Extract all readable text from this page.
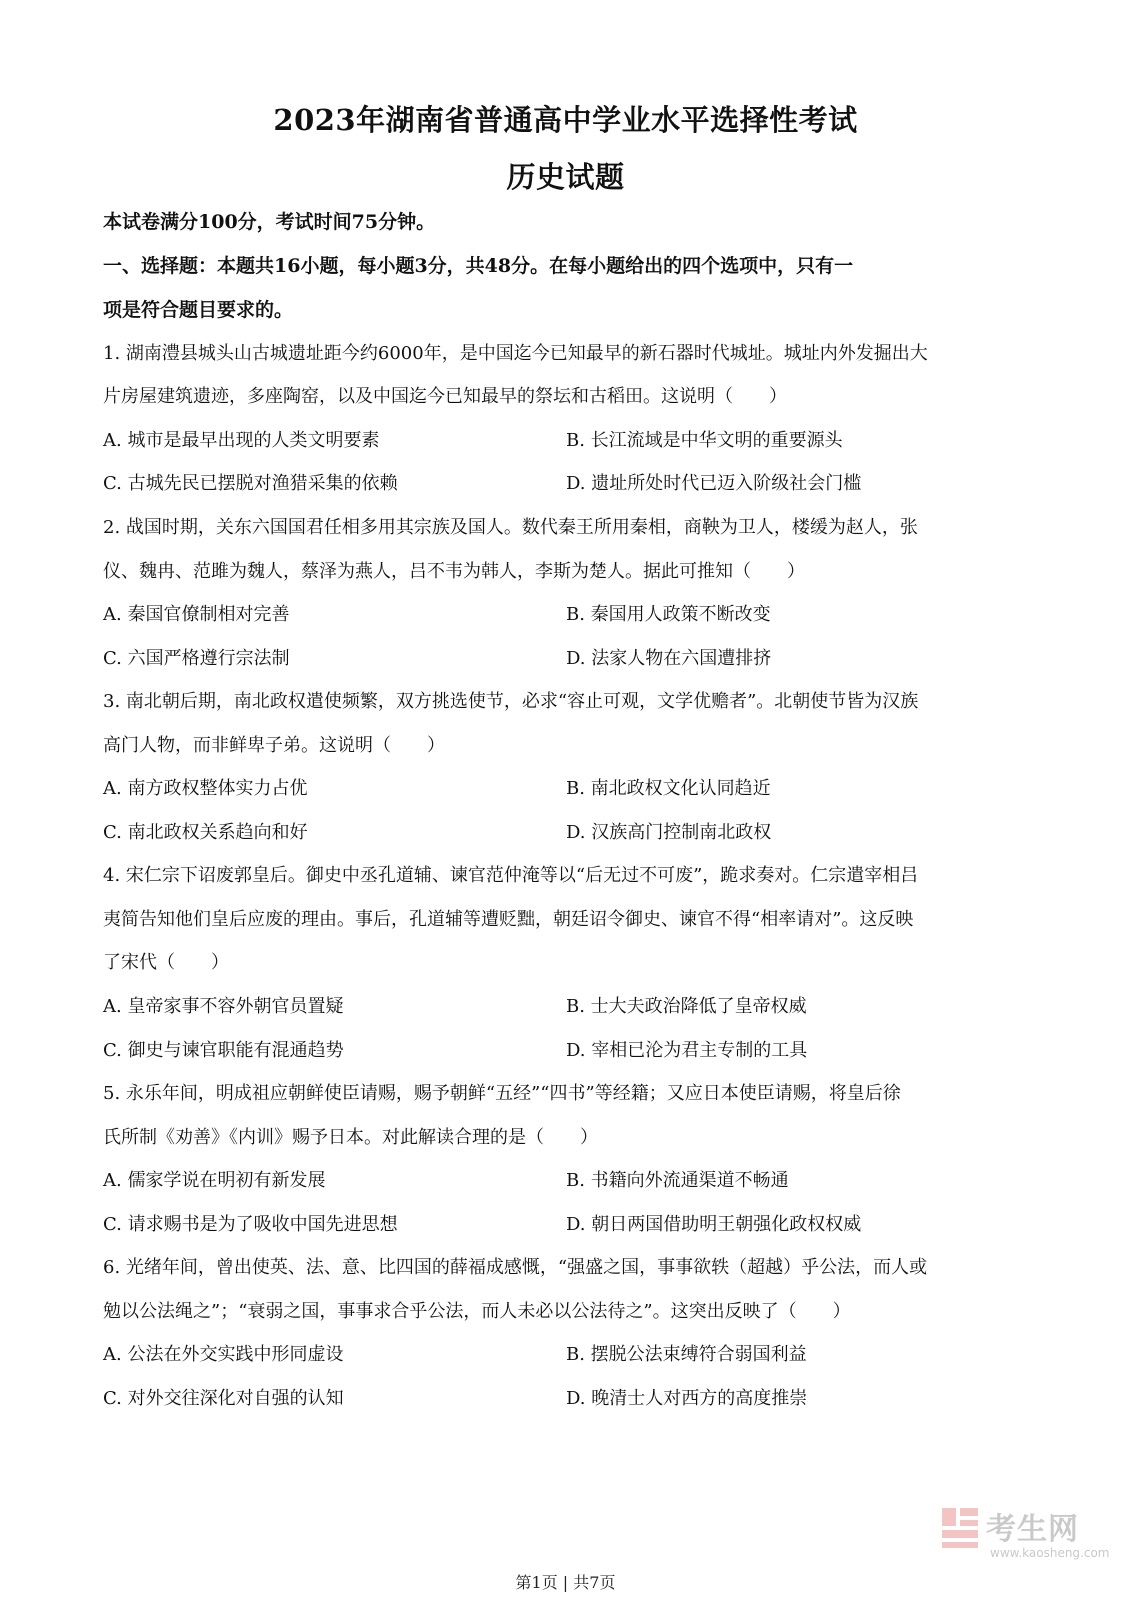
2023年湖南省普通高中学业水平选择性考试
历史试题
本试卷满分100分，考试时间75分钟。
一、选择题：本题共16小题，每小题3分，共48分。在每小题给出的四个选项中，只有一
项是符合题目要求的。
1. 湖南澧县城头山古城遗址距今约6000年，是中国迄今已知最早的新石器时代城址。城址内外发掘出大
片房屋建筑遗迹，多座陶窑，以及中国迄今已知最早的祭坛和古稻田。这说明（　　）
A. 城市是最早出现的人类文明要素	B. 长江流域是中华文明的重要源头
C. 古城先民已摆脱对渔猎采集的依赖	D. 遗址所处时代已迈入阶级社会门槛
2. 战国时期，关东六国国君任相多用其宗族及国人。数代秦王所用秦相，商鞅为卫人，楼缓为赵人，张
仪、魏冉、范雎为魏人，蔡泽为燕人，吕不韦为韩人，李斯为楚人。据此可推知（　　）
A. 秦国官僚制相对完善	B. 秦国用人政策不断改变
C. 六国严格遵行宗法制	D. 法家人物在六国遭排挤
3. 南北朝后期，南北政权遣使频繁，双方挑选使节，必求“容止可观，文学优赡者”。北朝使节皆为汉族
高门人物，而非鲜卑子弟。这说明（　　）
A. 南方政权整体实力占优	B. 南北政权文化认同趋近
C. 南北政权关系趋向和好	D. 汉族高门控制南北政权
4. 宋仁宗下诏废郭皇后。御史中丞孔道辅、谏官范仲淹等以“后无过不可废”，跪求奏对。仁宗遣宰相吕
夷简告知他们皇后应废的理由。事后，孔道辅等遭贬黜，朝廷诏令御史、谏官不得“相率请对”。这反映
了宋代（　　）
A. 皇帝家事不容外朝官员置疑	B. 士大夫政治降低了皇帝权威
C. 御史与谏官职能有混通趋势	D. 宰相已沦为君主专制的工具
5. 永乐年间，明成祖应朝鲜使臣请赐，赐予朝鲜“五经”“四书”等经籍；又应日本使臣请赐，将皇后徐
氏所制《劝善》《内训》赐予日本。对此解读合理的是（　　）
A. 儒家学说在明初有新发展	B. 书籍向外流通渠道不畅通
C. 请求赐书是为了吸收中国先进思想	D. 朝日两国借助明王朝强化政权权威
6. 光绪年间，曾出使英、法、意、比四国的薛福成感慨，“强盛之国，事事欲轶（超越）乎公法，而人或
勉以公法绳之”；“衰弱之国，事事求合乎公法，而人未必以公法待之”。这突出反映了（　　）
A. 公法在外交实践中形同虚设	B. 摆脱公法束缚符合弱国利益
C. 对外交往深化对自强的认知	D. 晚清士人对西方的高度推崇
考生网
www.kaosheng.com
第1页 | 共7页
